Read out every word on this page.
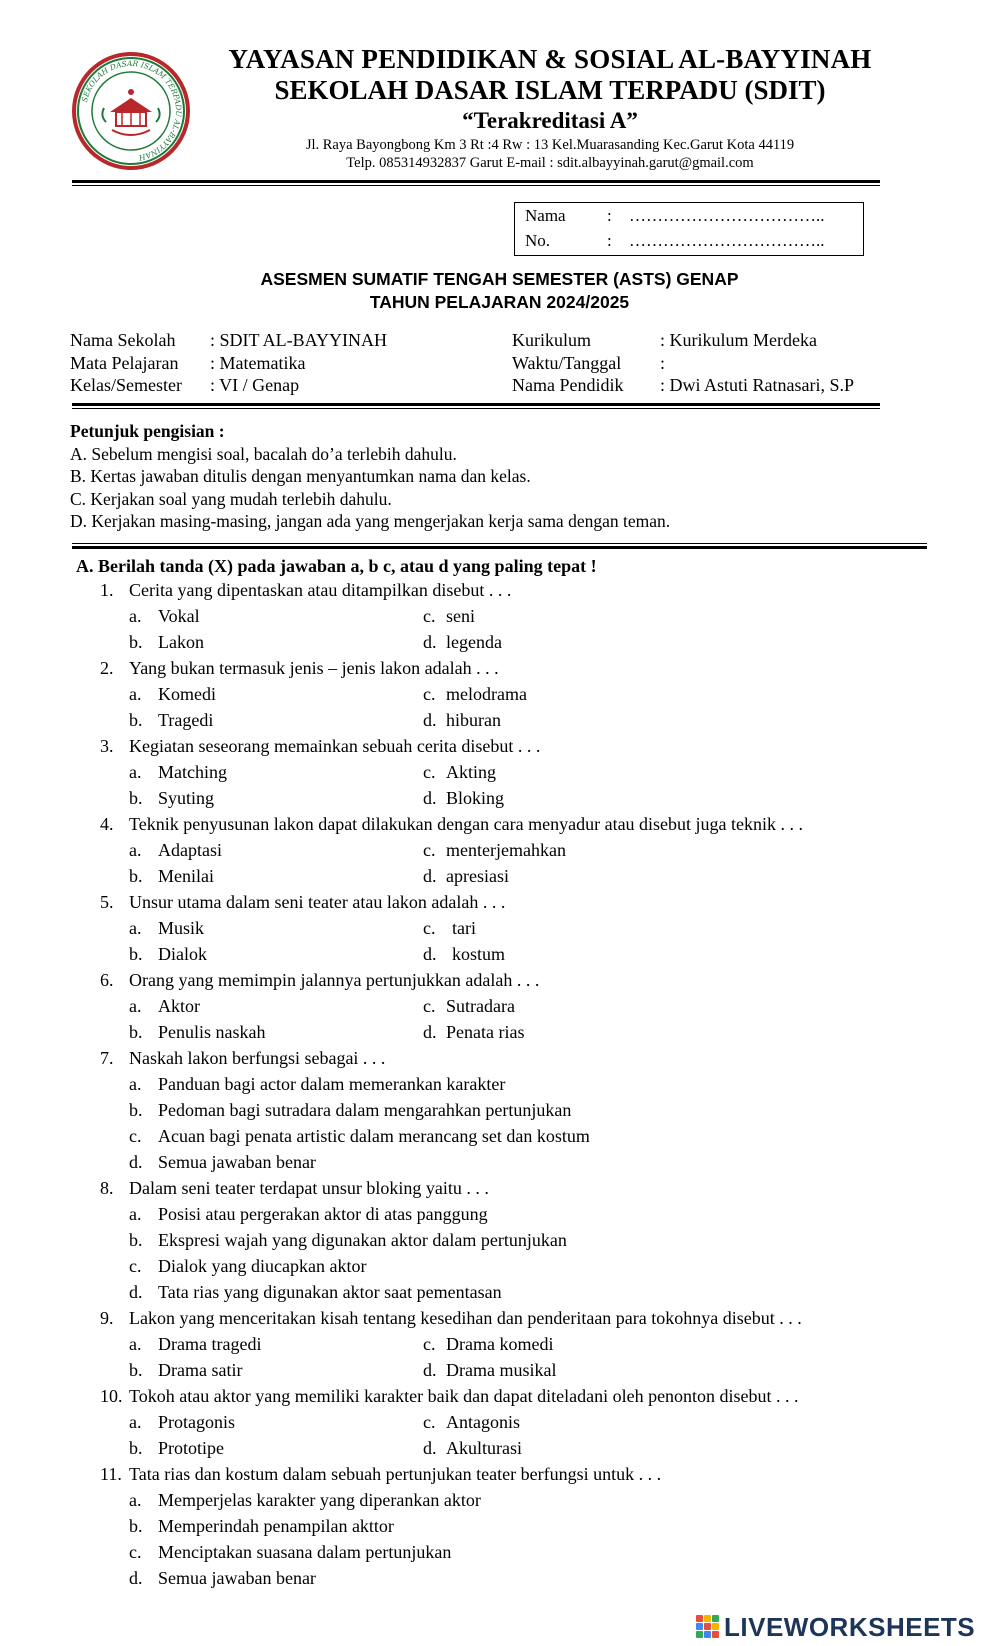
SEKOLAH DASAR ISLAM TERPADU AL-BAYYINAH
YAYASAN PENDIDIKAN & SOSIAL AL-BAYYINAH
SEKOLAH DASAR ISLAM TERPADU (SDIT)
“Terakreditasi A”
Jl. Raya Bayongbong Km 3 Rt :4 Rw : 13 Kel.Muarasanding Kec.Garut Kota 44119
Telp. 085314932837 Garut E-mail : sdit.albayyinah.garut@gmail.com
Nama : ……………………………..
No.	: ……………………………..
ASESMEN SUMATIF TENGAH SEMESTER (ASTS) GENAP
TAHUN PELAJARAN 2024/2025
Nama Sekolah : SDIT AL-BAYYINAH
Mata Pelajaran : Matematika
Kelas/Semester : VI / Genap
Kurikulum	: Kurikulum Merdeka
Waktu/Tanggal :
Nama Pendidik : Dwi Astuti Ratnasari, S.P
Petunjuk pengisian :
A. Sebelum mengisi soal, bacalah do’a terlebih dahulu.
B. Kertas jawaban ditulis dengan menyantumkan nama dan kelas.
C. Kerjakan soal yang mudah terlebih dahulu.
D. Kerjakan masing-masing, jangan ada yang mengerjakan kerja sama dengan teman.
A. Berilah tanda (X) pada jawaban a, b c, atau d yang paling tepat !
1. Cerita yang dipentaskan atau ditampilkan disebut . . .
a. Vokal	c. seni
b. Lakon	d. legenda
2. Yang bukan termasuk jenis – jenis lakon adalah . . .
a. Komedi	c. melodrama
b. Tragedi	d. hiburan
3. Kegiatan seseorang memainkan sebuah cerita disebut . . .
a. Matching	c. Akting
b. Syuting	d. Bloking
4. Teknik penyusunan lakon dapat dilakukan dengan cara menyadur atau disebut juga teknik . . .
a. Adaptasi	c. menterjemahkan
b. Menilai	d. apresiasi
5. Unsur utama dalam seni teater atau lakon adalah . . .
a. Musik	c. tari
b. Dialok	d. kostum
6. Orang yang memimpin jalannya pertunjukkan adalah . . .
a. Aktor	c. Sutradara
b. Penulis naskah	d. Penata rias
7. Naskah lakon berfungsi sebagai . . .
a. Panduan bagi actor dalam memerankan karakter
b. Pedoman bagi sutradara dalam mengarahkan pertunjukan
c. Acuan bagi penata artistic dalam merancang set dan kostum
d. Semua jawaban benar
8. Dalam seni teater terdapat unsur bloking yaitu . . .
a. Posisi atau pergerakan aktor di atas panggung
b. Ekspresi wajah yang digunakan aktor dalam pertunjukan
c. Dialok yang diucapkan aktor
d. Tata rias yang digunakan aktor saat pementasan
9. Lakon yang menceritakan kisah tentang kesedihan dan penderitaan para tokohnya disebut . . .
a. Drama tragedi	c. Drama komedi
b. Drama satir	d. Drama musikal
10. Tokoh atau aktor yang memiliki karakter baik dan dapat diteladani oleh penonton disebut . . .
a. Protagonis	c. Antagonis
b. Prototipe	d. Akulturasi
11. Tata rias dan kostum dalam sebuah pertunjukan teater berfungsi untuk . . .
a. Memperjelas karakter yang diperankan aktor
b. Memperindah penampilan akttor
c. Menciptakan suasana dalam pertunjukan
d. Semua jawaban benar
LIVEWORKSHEETS
